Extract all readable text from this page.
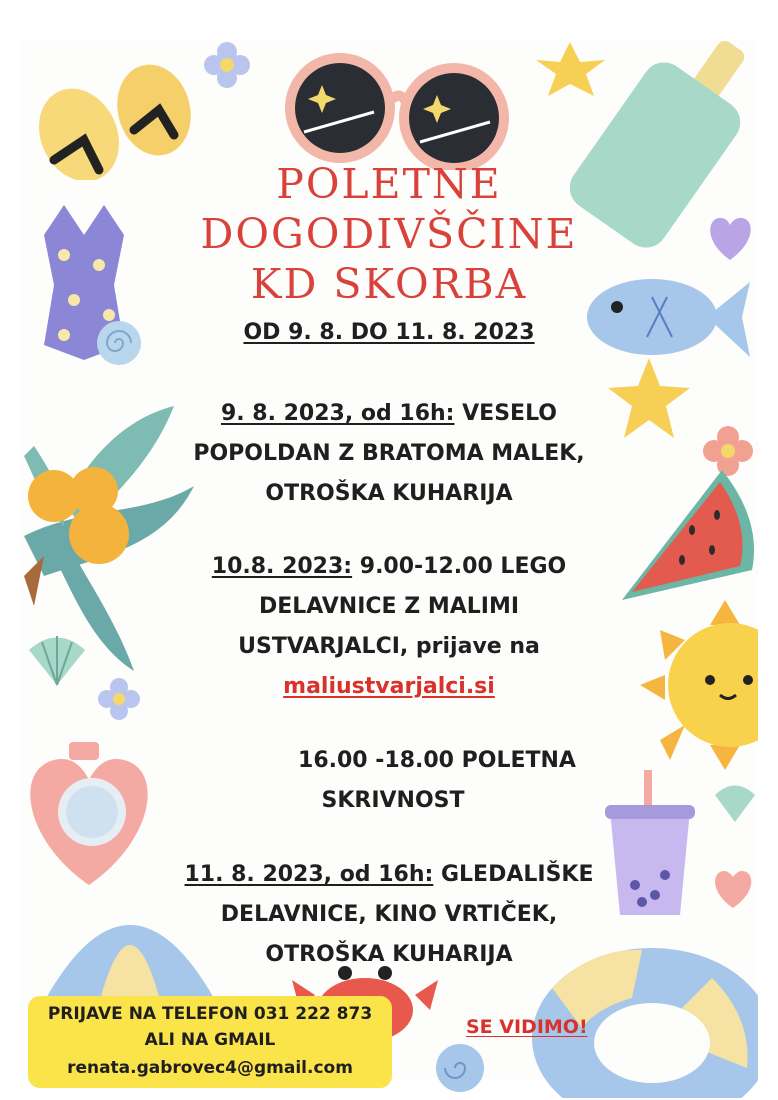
POLETNE
DOGODIVŠČINE
KD SKORBA
OD 9. 8. DO 11. 8. 2023
9. 8. 2023, od 16h: VESELO
POPOLDAN Z BRATOMA MALEK,
OTROŠKA KUHARIJA
10.8. 2023: 9.00-12.00 LEGO
DELAVNICE Z MALIMI
USTVARJALCI, prijave na
maliustvarjalci.si
16.00 -18.00 POLETNA
SKRIVNOST
11. 8. 2023, od 16h: GLEDALIŠKE
DELAVNICE, KINO VRTIČEK,
OTROŠKA KUHARIJA
PRIJAVE NA TELEFON 031 222 873
ALI NA GMAIL
renata.gabrovec4@gmail.com
SE VIDIMO!
